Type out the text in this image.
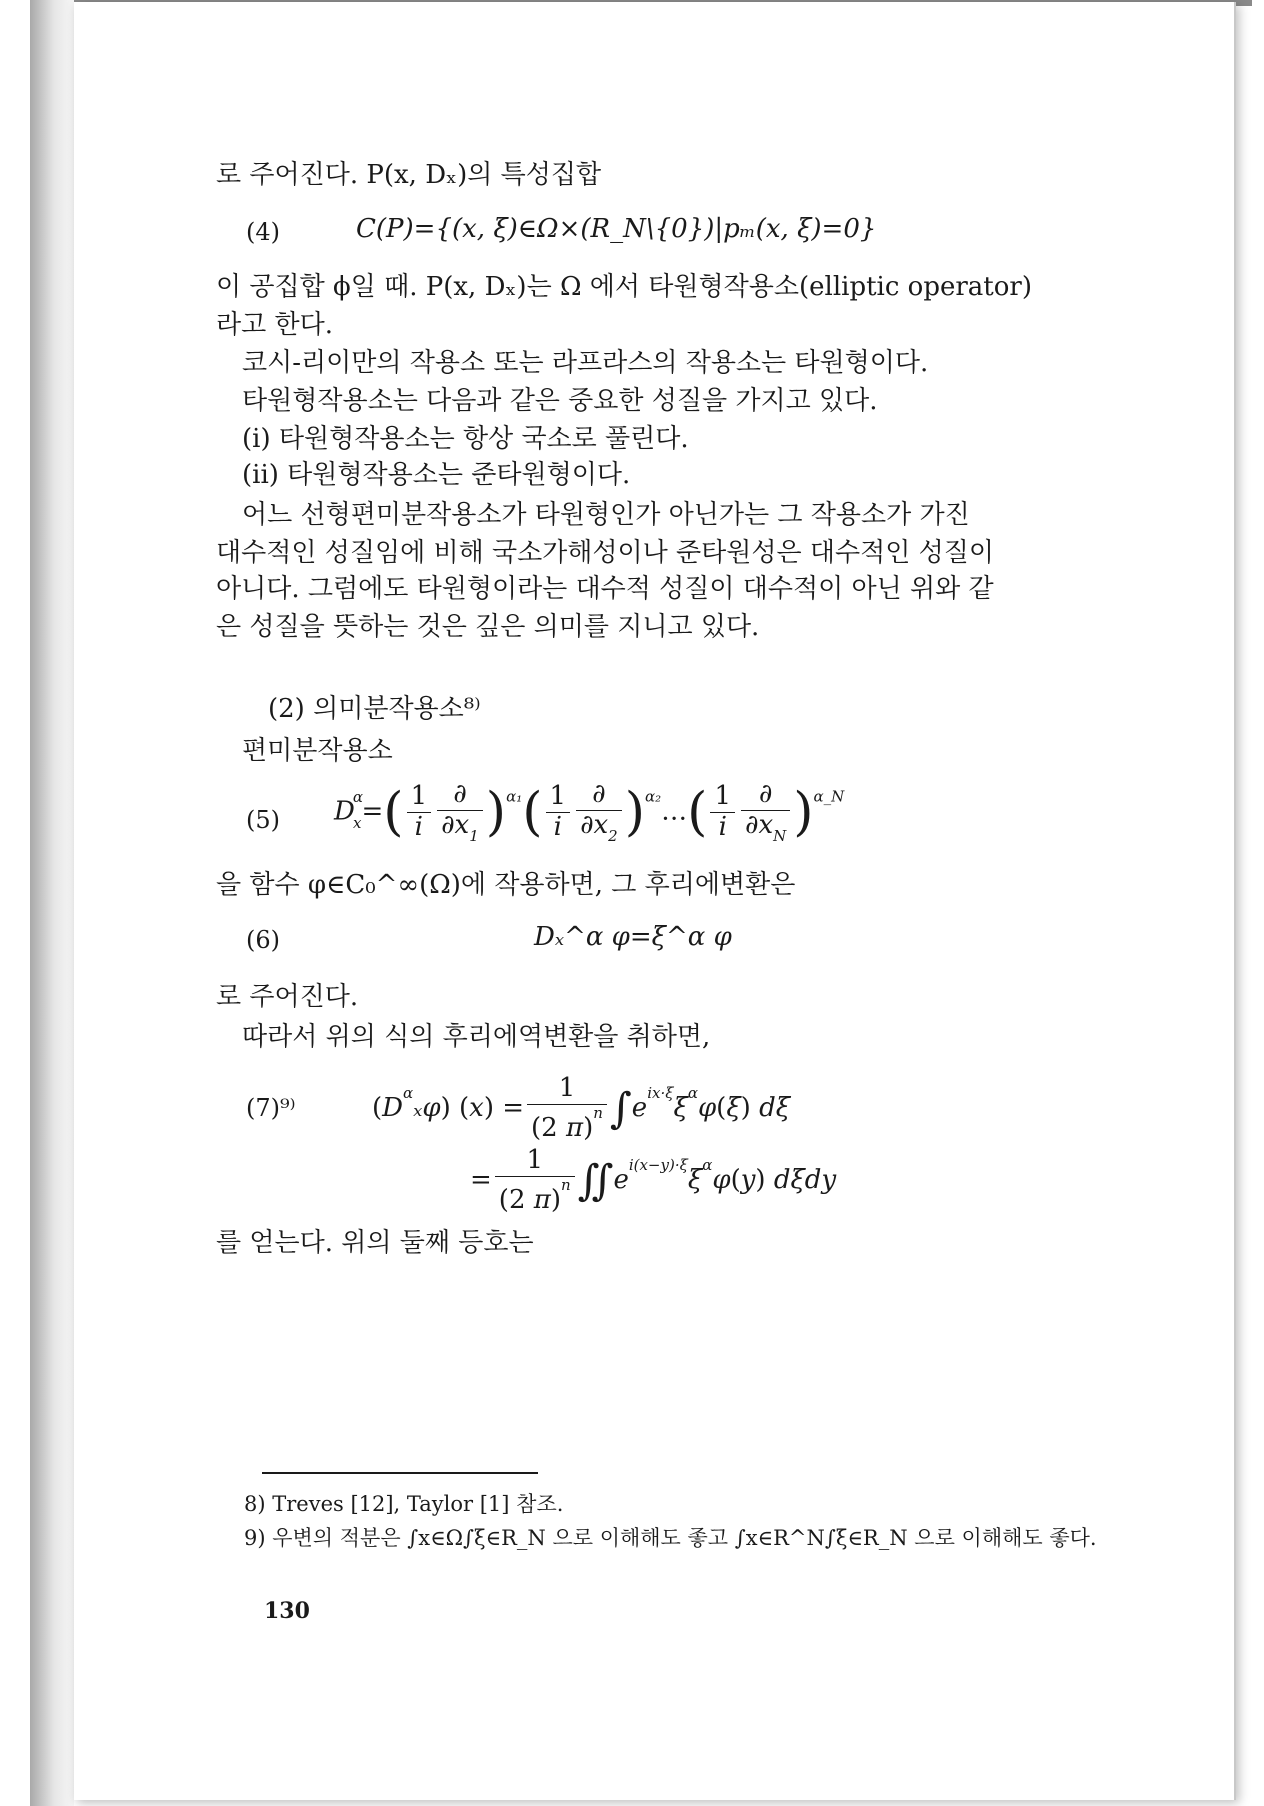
로 주어진다. P(x, Dₓ)의 특성집합
(4)	C(P)={(x, ξ)∈Ω×(R_N\{0})|pₘ(x, ξ)=0}
이 공집합 ϕ일 때. P(x, Dₓ)는 Ω 에서 타원형작용소(elliptic operator)
라고 한다.
코시-리이만의 작용소 또는 라프라스의 작용소는 타원형이다.
타원형작용소는 다음과 같은 중요한 성질을 가지고 있다.
(i) 타원형작용소는 항상 국소로 풀린다.
(ii) 타원형작용소는 준타원형이다.
어느 선형편미분작용소가 타원형인가 아닌가는 그 작용소가 가진
대수적인 성질임에 비해 국소가해성이나 준타원성은 대수적인 성질이
아니다. 그럼에도 타원형이라는 대수적 성질이 대수적이 아닌 위와 같
은 성질을 뜻하는 것은 깊은 의미를 지니고 있다.
(2) 의미분작용소⁸⁾
편미분작용소
(5) $D^\alpha_x=( \frac{1}{i} \frac{\partial}{\partial x_1} )^{\alpha_1}( \frac{1}{i} \frac{\partial}{\partial x_2}$ )$^{\alpha_2}$…( $\frac{1}{i} \frac{\partial}{\partial x_N} )^{\alpha\_N}$
을 함수 φ∈C₀^∞(Ω)에 작용하면, 그 후리에변환은
(6)	Dₓ^α φ=ξ^α φ
로 주어진다.
따라서 위의 식의 후리에역변환을 취하면,
(7)⁹⁾	$(D^\alpha_x\varphi) (x) = \frac{1}{(2 \pi)^n} \int e^{ix\cdot\xi}\xi^\alpha\varphi(\xi)$ dξ
= $\frac{1}{(2 \pi)^n}$ $∬e^{i(x-y)\cdot\xi}\xi^\alpha\varphi(y)$ dξdy
를 얻는다. 위의 둘째 등호는
8) Treves [12], Taylor [1] 참조.
9) 우변의 적분은 ∫x∈Ω∫ξ∈R_N 으로 이해해도 좋고 ∫x∈R^N∫ξ∈R_N 으로 이해해도 좋다.
130
